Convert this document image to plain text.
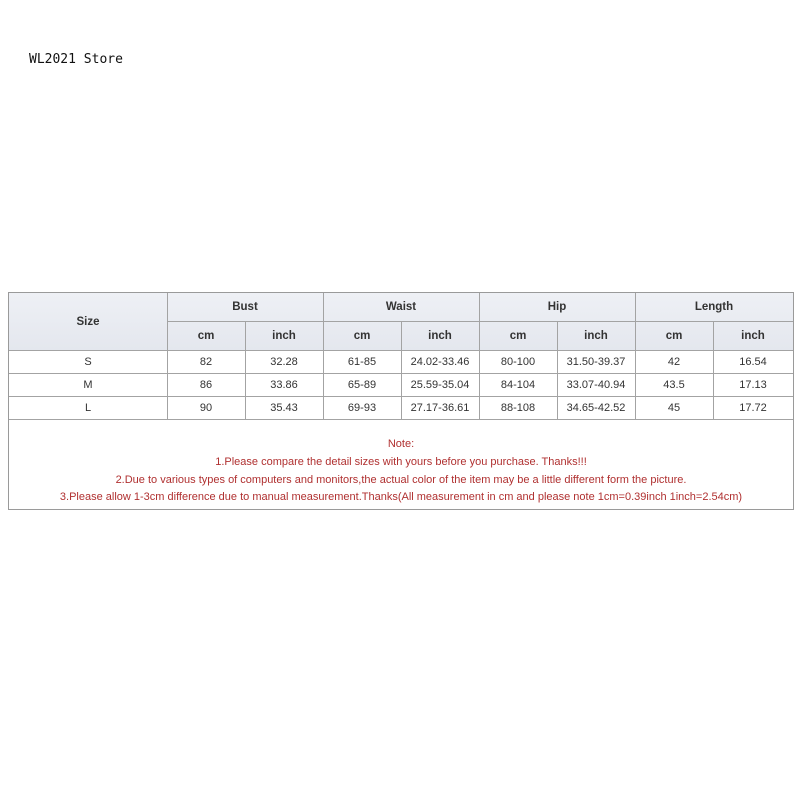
WL2021 Store
Size
Bust	Waist	Hip	Length
cm	inch	cm	inch	cm	inch	cm	inch
S	82	32.28	61-85	24.02-33.46	80-100	31.50-39.37	42	16.54
M	86	33.86	65-89	25.59-35.04	84-104	33.07-40.94	43.5	17.13
L	90	35.43	69-93	27.17-36.61	88-108	34.65-42.52	45	17.72
Note:
1.Please compare the detail sizes with yours before you purchase. Thanks!!!
2.Due to various types of computers and monitors,the actual color of the item may be a little different form the picture.
3.Please allow 1-3cm difference due to manual measurement.Thanks(All measurement in cm and please note 1cm=0.39inch 1inch=2.54cm)
